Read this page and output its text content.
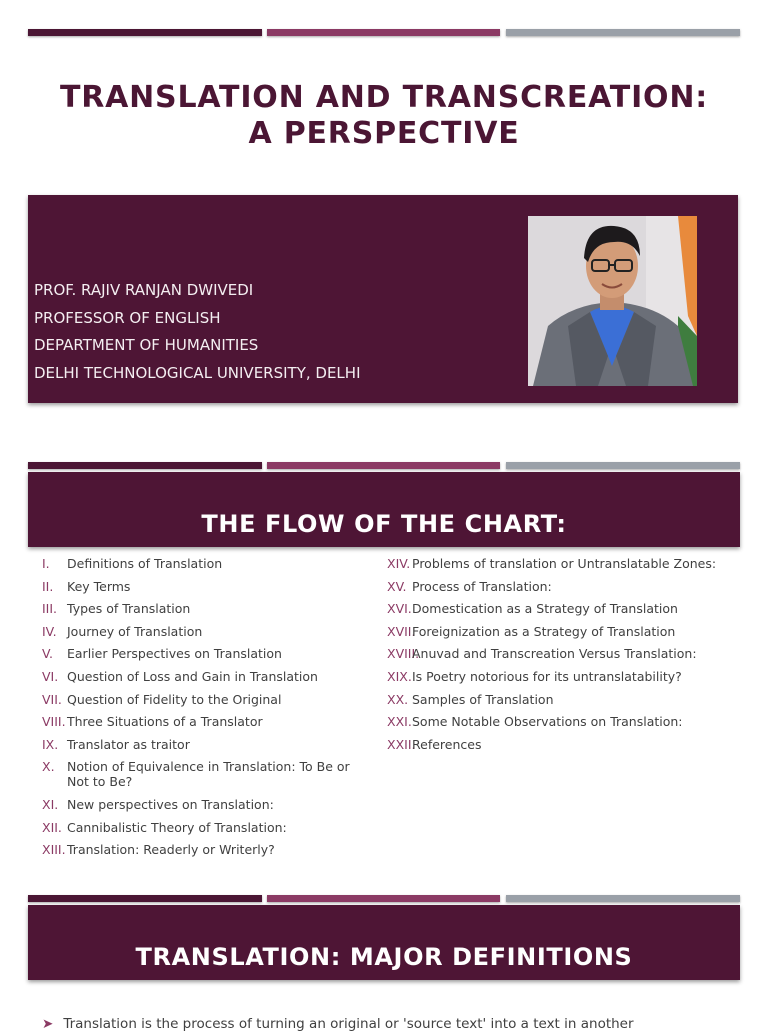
TRANSLATION AND TRANSCREATION:
A PERSPECTIVE
PROF. RAJIV RANJAN DWIVEDI
PROFESSOR OF ENGLISH
DEPARTMENT OF HUMANITIES
DELHI TECHNOLOGICAL UNIVERSITY, DELHI
THE FLOW OF THE CHART:
I. Definitions of Translation
II. Key Terms
III. Types of Translation
IV. Journey of Translation
V. Earlier Perspectives on Translation
VI. Question of Loss and Gain in Translation
VII. Question of Fidelity to the Original
VIII. Three Situations of a Translator
IX. Translator as traitor
X. Notion of Equivalence in Translation: To Be or Not to Be?
XI. New perspectives on Translation:
XII. Cannibalistic Theory of Translation:
XIII. Translation: Readerly or Writerly?
XIV. Problems of translation or Untranslatable Zones:
XV. Process of Translation:
XVI. Domestication as a Strategy of Translation
XVII.
Foreignization as a Strategy of Translation
XVIII.
Anuvad and Transcreation Versus Translation:
XIX. Is Poetry notorious for its untranslatability?
XX. Samples of Translation
XXI. Some Notable Observations on Translation:
XXII.
References
TRANSLATION: MAJOR DEFINITIONS
➤ Translation is the process of turning an original or 'source text' into a text in another
